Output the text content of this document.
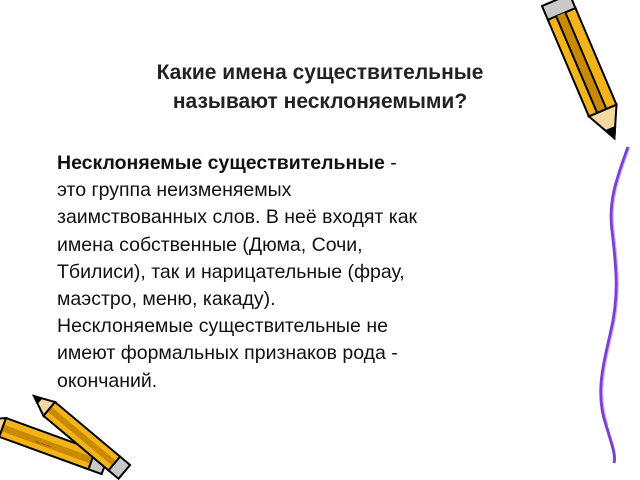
Какие имена существительные
называют несклоняемыми?
Несклоняемые существительные -
это группа неизменяемых
заимствованных слов. В неё входят как
имена собственные (Дюма, Сочи,
Тбилиси), так и нарицательные (фрау,
маэстро, меню, какаду).
Несклоняемые существительные не
имеют формальных признаков рода -
окончаний.
~~~
